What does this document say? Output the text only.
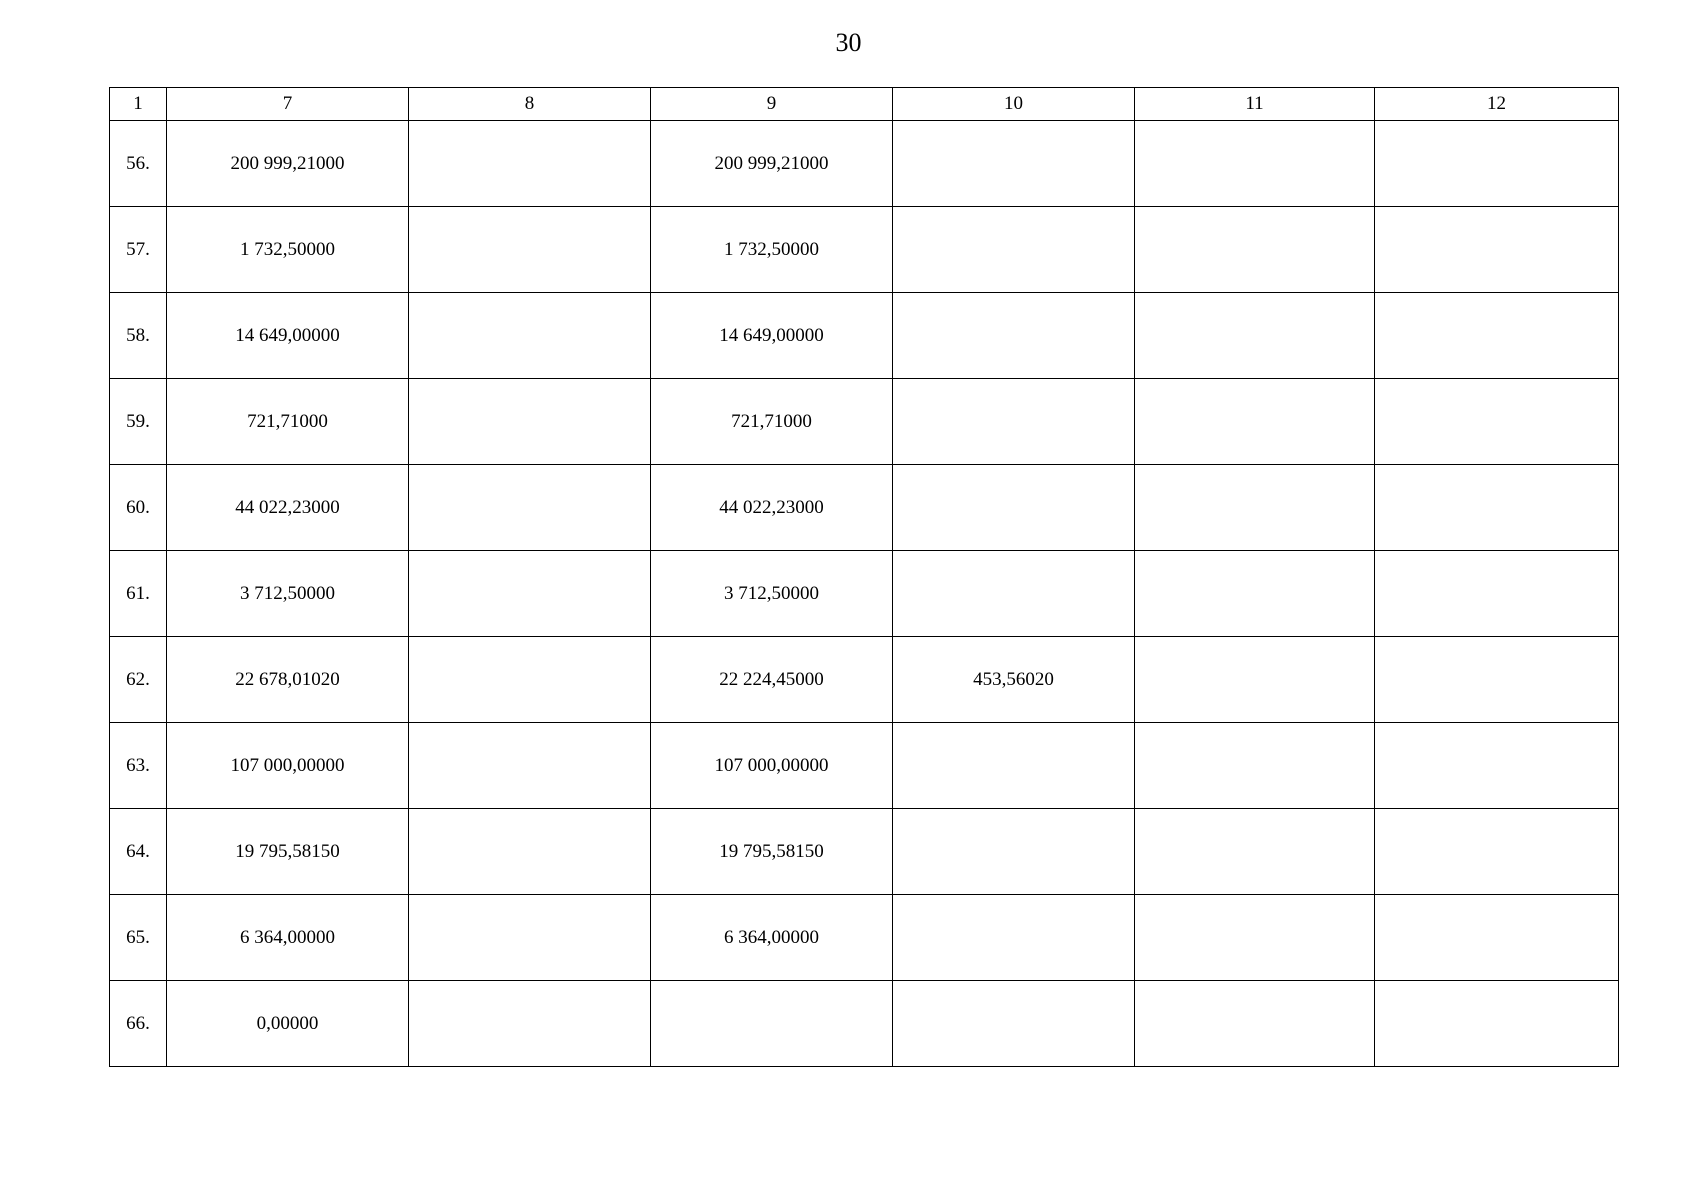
30
1	7	8	9	10	11	12
56.	200 999,21000		200 999,21000			
57.	1 732,50000		1 732,50000			
58.	14 649,00000		14 649,00000			
59.	721,71000		721,71000			
60.	44 022,23000		44 022,23000			
61.	3 712,50000		3 712,50000			
62.	22 678,01020		22 224,45000	453,56020		
63.	107 000,00000		107 000,00000			
64.	19 795,58150		19 795,58150			
65.	6 364,00000		6 364,00000			
66.	0,00000					
